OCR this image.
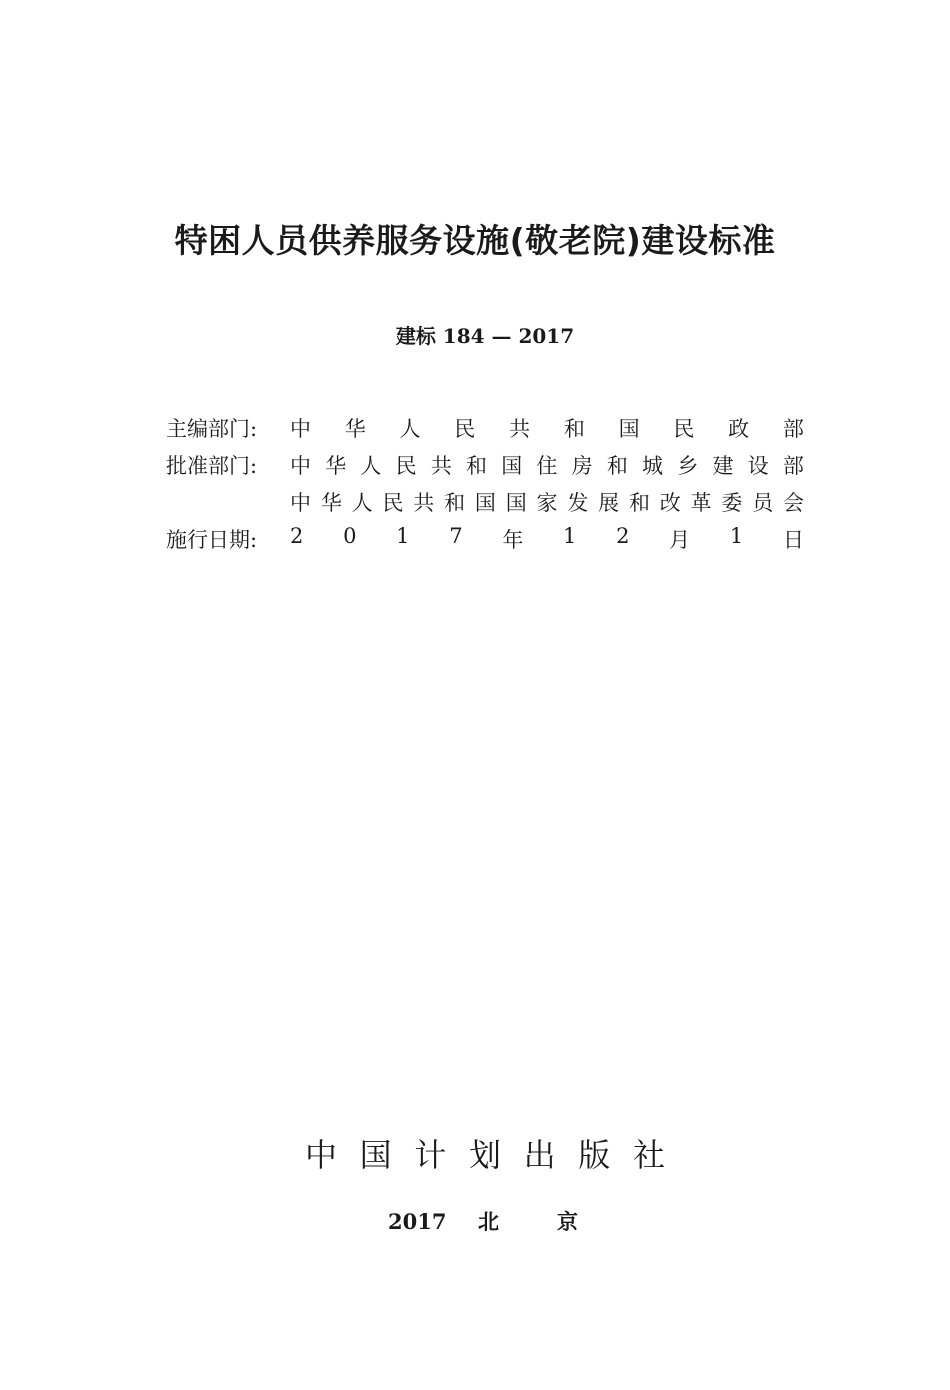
特困人员供养服务设施(敬老院)建设标准
建标 184 — 2017
主编部门:	中 华 人 民 共 和 国 民 政 部
批准部门:	中 华 人 民 共 和 国 住 房 和 城 乡 建 设 部
中 华 人 民 共 和 国 国 家 发 展 和 改 革 委 员 会
施行日期:	2 0 1 7 年 1 2 月 1 日
中 国 计 划 出 版 社
2017 北	京
